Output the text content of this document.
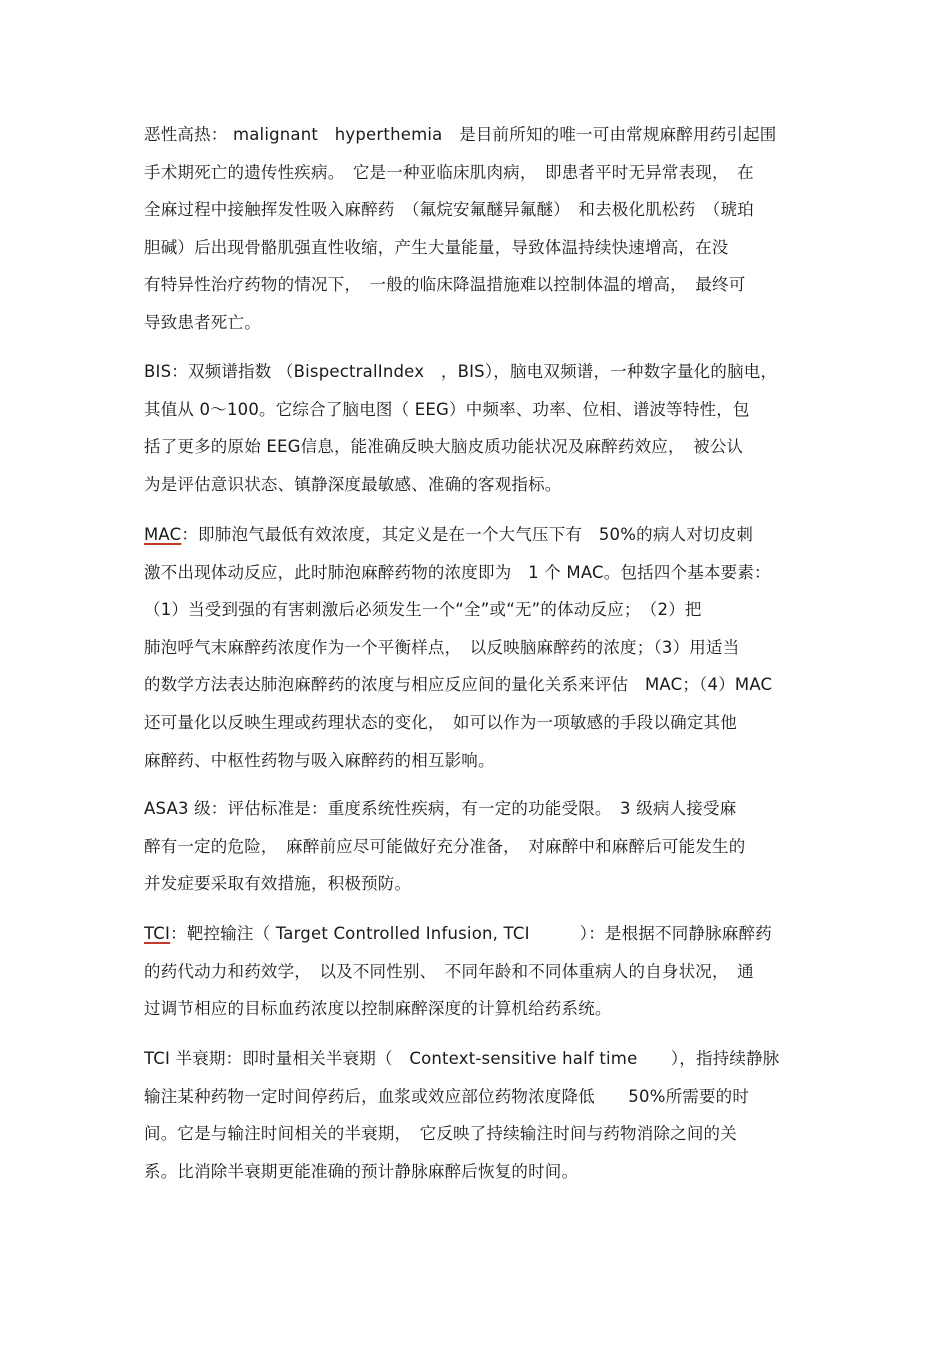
恶性高热： malignant　hyperthemia　是目前所知的唯一可由常规麻醉用药引起围
手术期死亡的遗传性疾病。　它是一种亚临床肌肉病，　即患者平时无异常表现，　在
全麻过程中接触挥发性吸入麻醉药　（氟烷安氟醚异氟醚）　和去极化肌松药　（琥珀
胆碱）后出现骨骼肌强直性收缩，产生大量能量，导致体温持续快速增高，在没
有特异性治疗药物的情况下，　一般的临床降温措施难以控制体温的增高，　最终可
导致患者死亡。
BIS：双频谱指数 （BispectralIndex　，BIS），脑电双频谱，一种数字量化的脑电，
其值从 0～100。它综合了脑电图（ EEG）中频率、功率、位相、谱波等特性，包
括了更多的原始 EEG信息，能准确反映大脑皮质功能状况及麻醉药效应，　被公认
为是评估意识状态、镇静深度最敏感、准确的客观指标。
MAC：即肺泡气最低有效浓度，其定义是在一个大气压下有　50%的病人对切皮刺
激不出现体动反应，此时肺泡麻醉药物的浓度即为　1 个 MAC。包括四个基本要素：
（1）当受到强的有害刺激后必须发生一个“全”或“无”的体动反应；　（2）把
肺泡呼气末麻醉药浓度作为一个平衡样点，　以反映脑麻醉药的浓度；（3）用适当
的数学方法表达肺泡麻醉药的浓度与相应反应间的量化关系来评估　MAC；（4）MAC
还可量化以反映生理或药理状态的变化，　如可以作为一项敏感的手段以确定其他
麻醉药、中枢性药物与吸入麻醉药的相互影响。
ASA3 级：评估标准是：重度系统性疾病，有一定的功能受限。　3 级病人接受麻
醉有一定的危险，　麻醉前应尽可能做好充分准备，　对麻醉中和麻醉后可能发生的
并发症要采取有效措施，积极预防。
TCI：靶控输注（ Target Controlled Infusion, TCI　　　）：是根据不同静脉麻醉药
的药代动力和药效学，　以及不同性别、　不同年龄和不同体重病人的自身状况，　通
过调节相应的目标血药浓度以控制麻醉深度的计算机给药系统。
TCI 半衰期：即时量相关半衰期（　Context-sensitive half time　　），指持续静脉
输注某种药物一定时间停药后，血浆或效应部位药物浓度降低　　50%所需要的时
间。它是与输注时间相关的半衰期，　它反映了持续输注时间与药物消除之间的关
系。比消除半衰期更能准确的预计静脉麻醉后恢复的时间。
